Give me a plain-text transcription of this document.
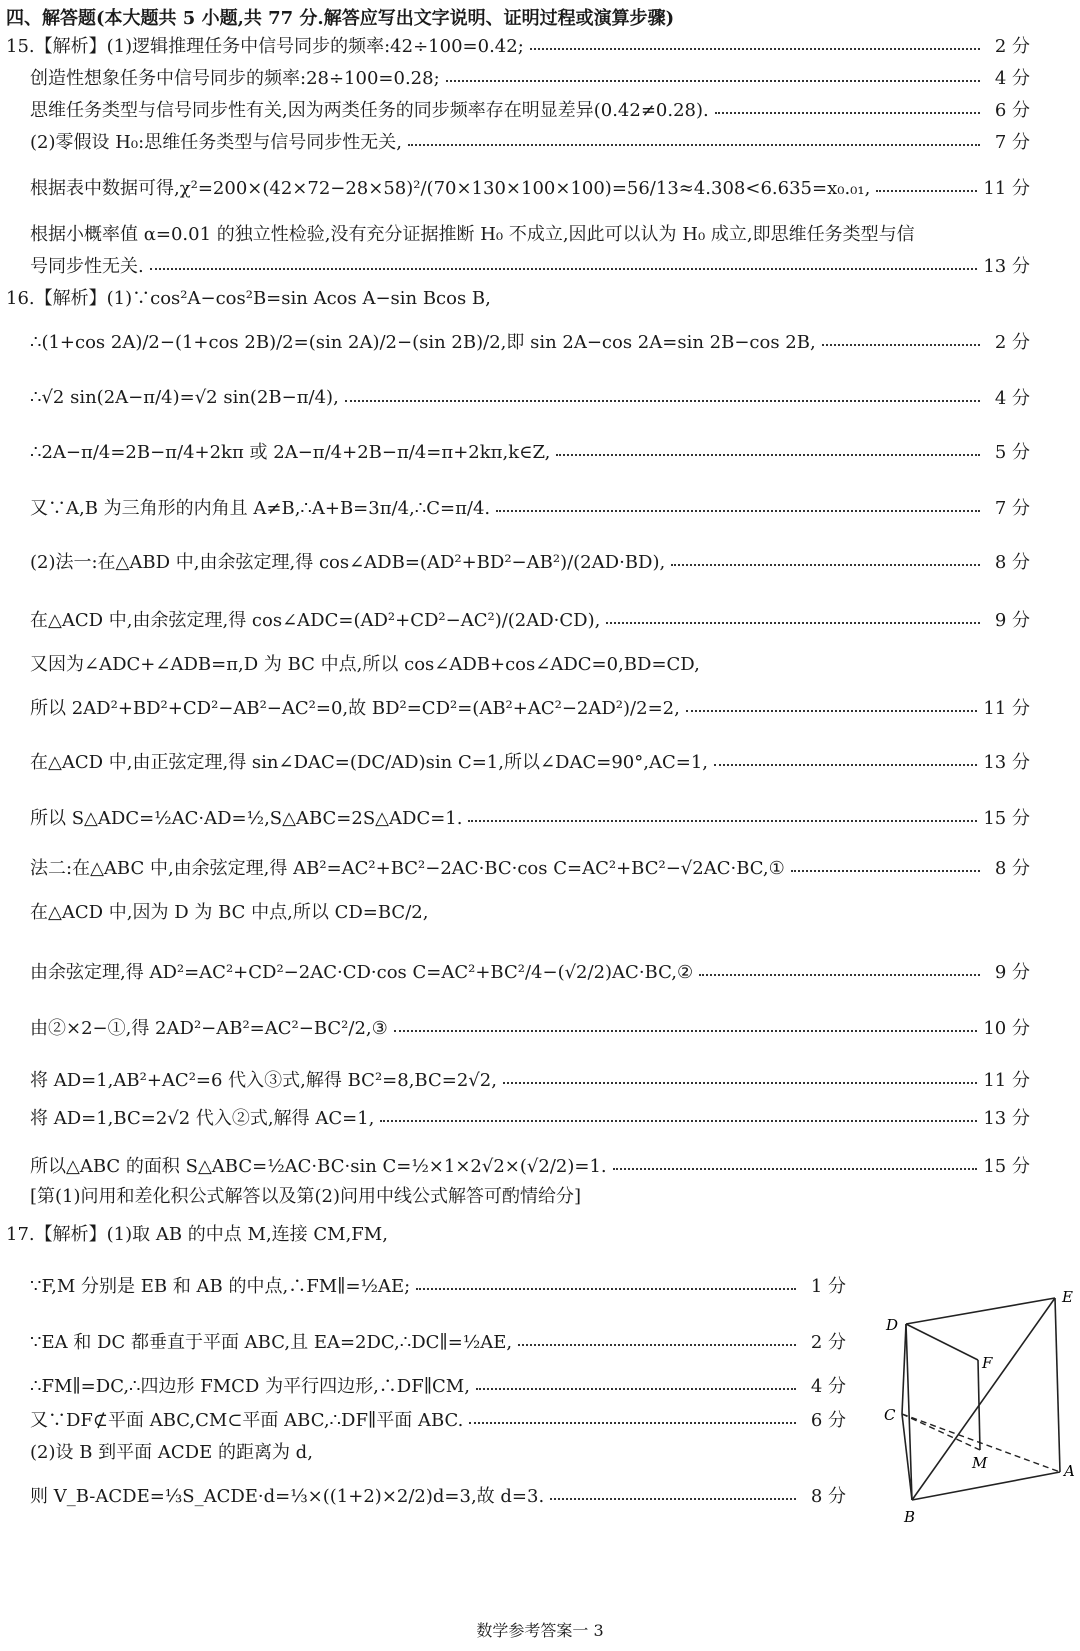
四、解答题(本大题共 5 小题,共 77 分.解答应写出文字说明、证明过程或演算步骤)
15.【解析】(1)逻辑推理任务中信号同步的频率:42÷100=0.42;	2 分
创造性想象任务中信号同步的频率:28÷100=0.28;	4 分
思维任务类型与信号同步性有关,因为两类任务的同步频率存在明显差异(0.42≠0.28).	6 分
(2)零假设 H₀:思维任务类型与信号同步性无关,	7 分
根据表中数据可得,χ²=200×(42×72−28×58)²/(70×130×100×100)=56/13≈4.308<6.635=x₀.₀₁,	11 分
根据小概率值 α=0.01 的独立性检验,没有充分证据推断 H₀ 不成立,因此可以认为 H₀ 成立,即思维任务类型与信
号同步性无关.	13 分
16.【解析】(1)∵cos²A−cos²B=sin Acos A−sin Bcos B,
∴(1+cos 2A)/2−(1+cos 2B)/2=(sin 2A)/2−(sin 2B)/2,即 sin 2A−cos 2A=sin 2B−cos 2B,	2 分
∴√2 sin(2A−π/4)=√2 sin(2B−π/4),	4 分
∴2A−π/4=2B−π/4+2kπ 或 2A−π/4+2B−π/4=π+2kπ,k∈Z,	5 分
又∵A,B 为三角形的内角且 A≠B,∴A+B=3π/4,∴C=π/4.	7 分
(2)法一:在△ABD 中,由余弦定理,得 cos∠ADB=(AD²+BD²−AB²)/(2AD·BD),	8 分
在△ACD 中,由余弦定理,得 cos∠ADC=(AD²+CD²−AC²)/(2AD·CD),	9 分
又因为∠ADC+∠ADB=π,D 为 BC 中点,所以 cos∠ADB+cos∠ADC=0,BD=CD,
所以 2AD²+BD²+CD²−AB²−AC²=0,故 BD²=CD²=(AB²+AC²−2AD²)/2=2,	11 分
在△ACD 中,由正弦定理,得 sin∠DAC=(DC/AD)sin C=1,所以∠DAC=90°,AC=1,	13 分
所以 S△ADC=½AC·AD=½,S△ABC=2S△ADC=1.	15 分
法二:在△ABC 中,由余弦定理,得 AB²=AC²+BC²−2AC·BC·cos C=AC²+BC²−√2AC·BC,①	8 分
在△ACD 中,因为 D 为 BC 中点,所以 CD=BC/2,
由余弦定理,得 AD²=AC²+CD²−2AC·CD·cos C=AC²+BC²/4−(√2/2)AC·BC,②	9 分
由②×2−①,得 2AD²−AB²=AC²−BC²/2,③	10 分
将 AD=1,AB²+AC²=6 代入③式,解得 BC²=8,BC=2√2,	11 分
将 AD=1,BC=2√2 代入②式,解得 AC=1,	13 分
所以△ABC 的面积 S△ABC=½AC·BC·sin C=½×1×2√2×(√2/2)=1.	15 分
[第(1)问用和差化积公式解答以及第(2)问用中线公式解答可酌情给分]
17.【解析】(1)取 AB 的中点 M,连接 CM,FM,
∵F,M 分别是 EB 和 AB 的中点,∴FM∥=½AE;	1 分
∵EA 和 DC 都垂直于平面 ABC,且 EA=2DC,∴DC∥=½AE,	2 分
∴FM∥=DC,∴四边形 FMCD 为平行四边形,∴DF∥CM,	4 分
又∵DF⊄平面 ABC,CM⊂平面 ABC,∴DF∥平面 ABC.	6 分
(2)设 B 到平面 ACDE 的距离为 d,
则 V_B-ACDE=⅓S_ACDE·d=⅓×((1+2)×2/2)d=3,故 d=3.	8 分
E
D
F
C
A
M
B
数学参考答案一 3
